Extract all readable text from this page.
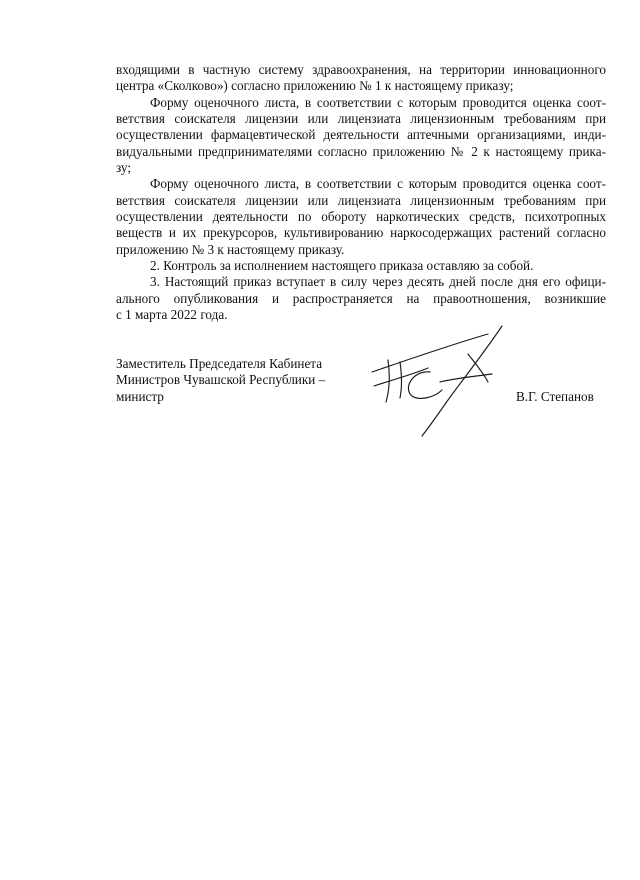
входящими в частную систему здравоохранения, на территории инновационного
центра «Сколково») согласно приложению № 1 к настоящему приказу;
Форму оценочного листа, в соответствии с которым проводится оценка соот-
ветствия соискателя лицензии или лицензиата лицензионным требованиям при
осуществлении фармацевтической деятельности аптечными организациями, инди-
видуальными предпринимателями согласно приложению № 2 к настоящему прика-
зу;
Форму оценочного листа, в соответствии с которым проводится оценка соот-
ветствия соискателя лицензии или лицензиата лицензионным требованиям при
осуществлении деятельности по обороту наркотических средств, психотропных
веществ и их прекурсоров, культивированию наркосодержащих растений согласно
приложению № 3 к настоящему приказу.
2. Контроль за исполнением настоящего приказа оставляю за собой.
3. Настоящий приказ вступает в силу через десять дней после дня его офици-
ального опубликования и распространяется на правоотношения, возникшие
с 1 марта 2022 года.
Заместитель Председателя Кабинета
Министров Чувашской Республики –
министр	В.Г. Степанов
